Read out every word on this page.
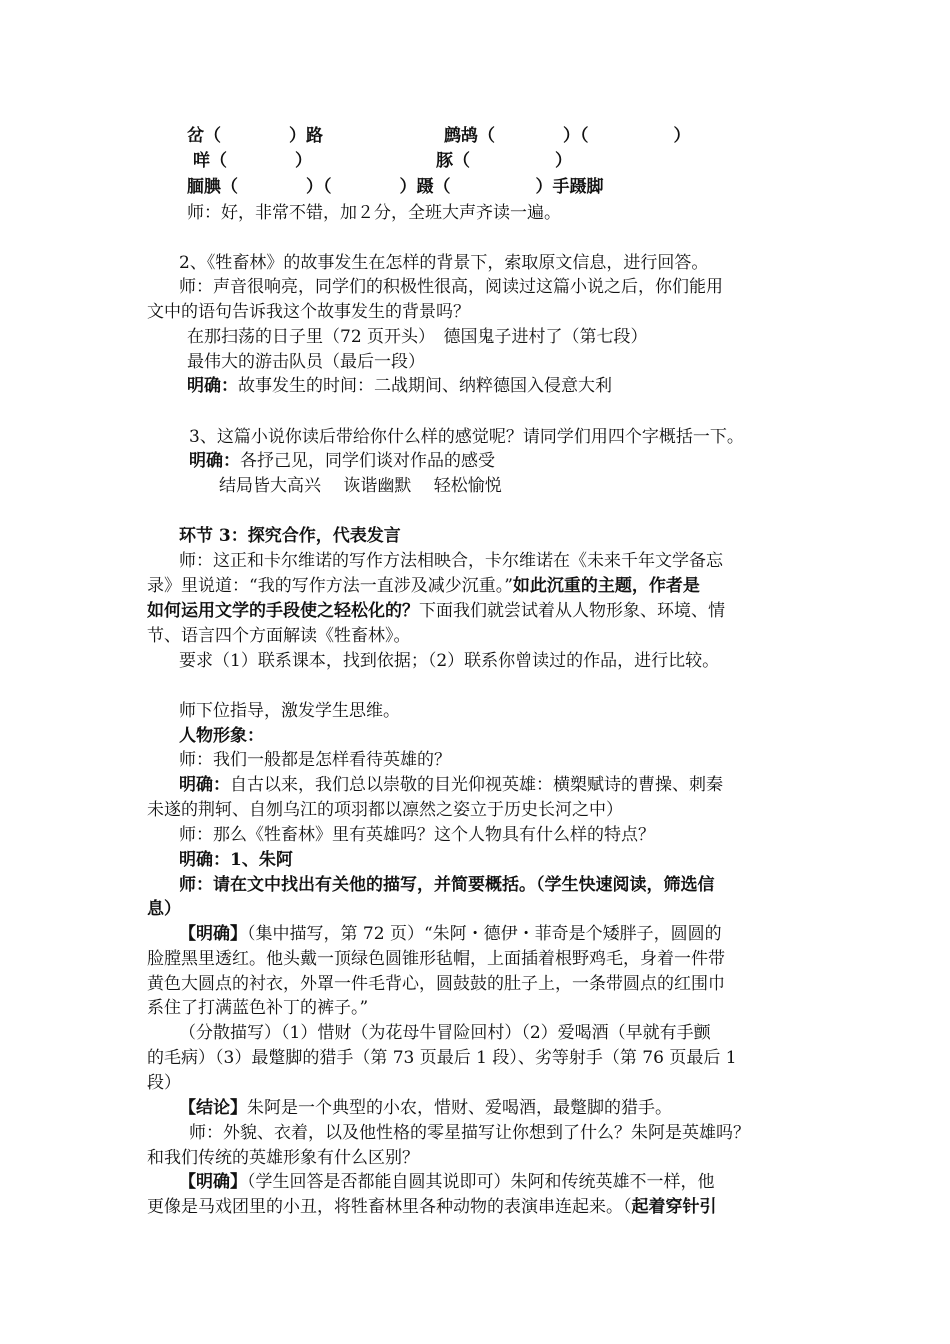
岔（　　　　）路	鹧鸪（　　　　）（　　　　　）
咩（　　　　）	豚（　　　　　）
腼腆（　　　　）（　　　　）蹑（　　　　　）手蹑脚
师：好，非常不错，加２分，全班大声齐读一遍。
2、《牲畜林》的故事发生在怎样的背景下，索取原文信息，进行回答。
师：声音很响亮，同学们的积极性很高，阅读过这篇小说之后，你们能用
文中的语句告诉我这个故事发生的背景吗？
在那扫荡的日子里（72 页开头）　德国鬼子进村了（第七段）
最伟大的游击队员（最后一段）
明确：故事发生的时间：二战期间、纳粹德国入侵意大利
3、这篇小说你读后带给你什么样的感觉呢？请同学们用四个字概括一下。
明确：各抒己见，同学们谈对作品的感受
结局皆大高兴　 诙谐幽默　 轻松愉悦
环节 3：探究合作，代表发言
师：这正和卡尔维诺的写作方法相映合，卡尔维诺在《未来千年文学备忘
录》里说道：“我的写作方法一直涉及减少沉重。”如此沉重的主题，作者是
如何运用文学的手段使之轻松化的？下面我们就尝试着从人物形象、环境、情
节、语言四个方面解读《牲畜林》。
要求（1）联系课本，找到依据；（2）联系你曾读过的作品，进行比较。
师下位指导，激发学生思维。
人物形象：
师：我们一般都是怎样看待英雄的？
明确：自古以来，我们总以崇敬的目光仰视英雄：横槊赋诗的曹操、刺秦
未遂的荆轲、自刎乌江的项羽都以凛然之姿立于历史长河之中）
师：那么《牲畜林》里有英雄吗？这个人物具有什么样的特点？
明确：1、朱阿
师：请在文中找出有关他的描写，并简要概括。（学生快速阅读，筛选信
息）
【明确】（集中描写，第 72 页）“朱阿・德伊・菲奇是个矮胖子，圆圆的
脸膛黑里透红。他头戴一顶绿色圆锥形毡帽，上面插着根野鸡毛，身着一件带
黄色大圆点的衬衣，外罩一件毛背心，圆鼓鼓的肚子上，一条带圆点的红围巾
系住了打满蓝色补丁的裤子。”
（分散描写）（1）惜财（为花母牛冒险回村）（2）爱喝酒（早就有手颤
的毛病）（3）最蹩脚的猎手（第 73 页最后 1 段）、劣等射手（第 76 页最后 1
段）
【结论】朱阿是一个典型的小农，惜财、爱喝酒，最蹩脚的猎手。
师：外貌、衣着，以及他性格的零星描写让你想到了什么？朱阿是英雄吗？
和我们传统的英雄形象有什么区别？
【明确】（学生回答是否都能自圆其说即可）朱阿和传统英雄不一样，他
更像是马戏团里的小丑，将牲畜林里各种动物的表演串连起来。（起着穿针引
